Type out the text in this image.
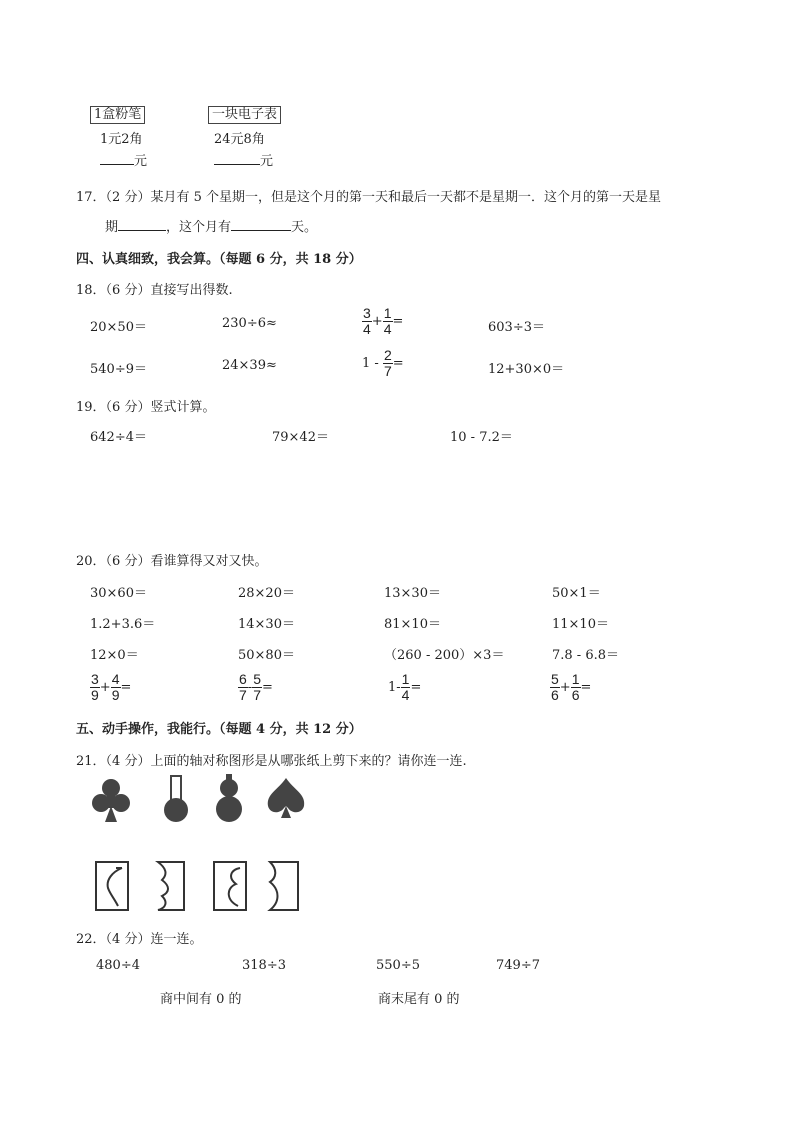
1盒粉笔
1元2角
元
一块电子表
24元8角
元
17．（2 分）某月有 5 个星期一，但是这个月的第一天和最后一天都不是星期一．这个月的第一天是星
期	，这个月有	天。
四、认真细致，我会算。（每题 6 分，共 18 分）
18．（6 分）直接写出得数.
20×50＝	230÷6≈	$\frac{3}{4} + \frac{1}{4}$ =	603÷3＝
540÷9＝	24×39≈	$1 - \frac{2}{7}$ =	12+30×0＝
19．（6 分）竖式计算。
642÷4＝	79×42＝	10 - 7.2＝
20．（6 分）看谁算得又对又快。
30×60＝	28×20＝	13×30＝	50×1＝
1.2+3.6＝	14×30＝	81×10＝	11×10＝
12×0＝	50×80＝	（260 - 200）×3＝	7.8 - 6.8＝
$\frac{3}{9} + \frac{4}{9}$ =	$\frac{6}{7} - \frac{5}{7}$ =	$1- \frac{1}{4}$ =	$\frac{5}{6} + \frac{1}{6}$ =
五、动手操作，我能行。（每题 4 分，共 12 分）
21．（4 分）上面的轴对称图形是从哪张纸上剪下来的？请你连一连.
22．（4 分）连一连。
480÷4	318÷3	550÷5	749÷7
商中间有 0 的	商末尾有 0 的
